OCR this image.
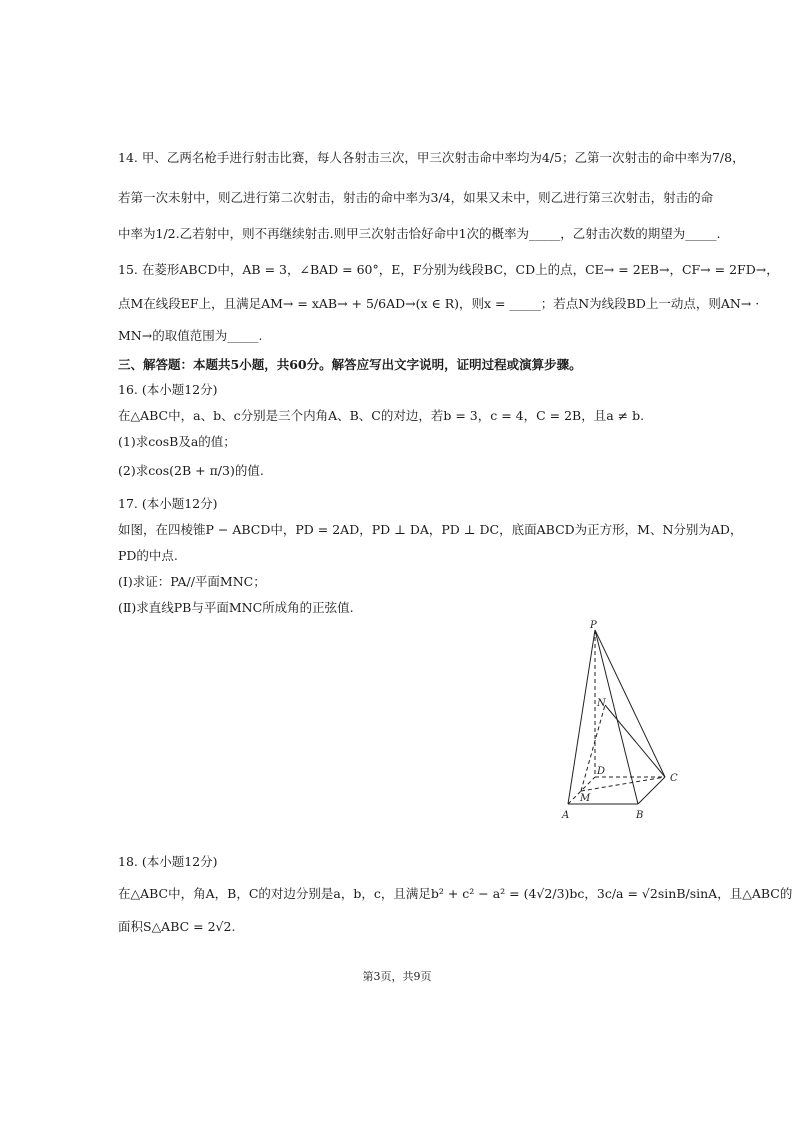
14. 甲、乙两名枪手进行射击比赛，每人各射击三次，甲三次射击命中率均为4/5；乙第一次射击的命中率为7/8，
若第一次未射中，则乙进行第二次射击，射击的命中率为3/4，如果又未中，则乙进行第三次射击，射击的命
中率为1/2.乙若射中，则不再继续射击.则甲三次射击恰好命中1次的概率为_____，乙射击次数的期望为_____.
15. 在菱形ABCD中，AB = 3，∠BAD = 60°，E，F分别为线段BC，CD上的点，CE→ = 2EB→，CF→ = 2FD→，
点M在线段EF上，且满足AM→ = xAB→ + 5/6AD→(x ∈ R)，则x = _____；若点N为线段BD上一动点，则AN→ ·
MN→的取值范围为_____.
三、解答题：本题共5小题，共60分。解答应写出文字说明，证明过程或演算步骤。
16. (本小题12分)
在△ABC中，a、b、c分别是三个内角A、B、C的对边，若b = 3，c = 4，C = 2B，且a ≠ b.
(1)求cosB及a的值；
(2)求cos(2B + π/3)的值.
17. (本小题12分)
如图，在四棱锥P − ABCD中，PD = 2AD，PD ⊥ DA，PD ⊥ DC，底面ABCD为正方形，M、N分别为AD，
PD的中点.
(Ⅰ)求证：PA//平面MNC；
(Ⅱ)求直线PB与平面MNC所成角的正弦值.
P
N
D
C
M
A	B
18. (本小题12分)
在△ABC中，角A，B，C的对边分别是a，b，c，且满足b² + c² − a² = (4√2/3)bc，3c/a = √2sinB/sinA，且△ABC的
面积S△ABC = 2√2.
第3页，共9页
